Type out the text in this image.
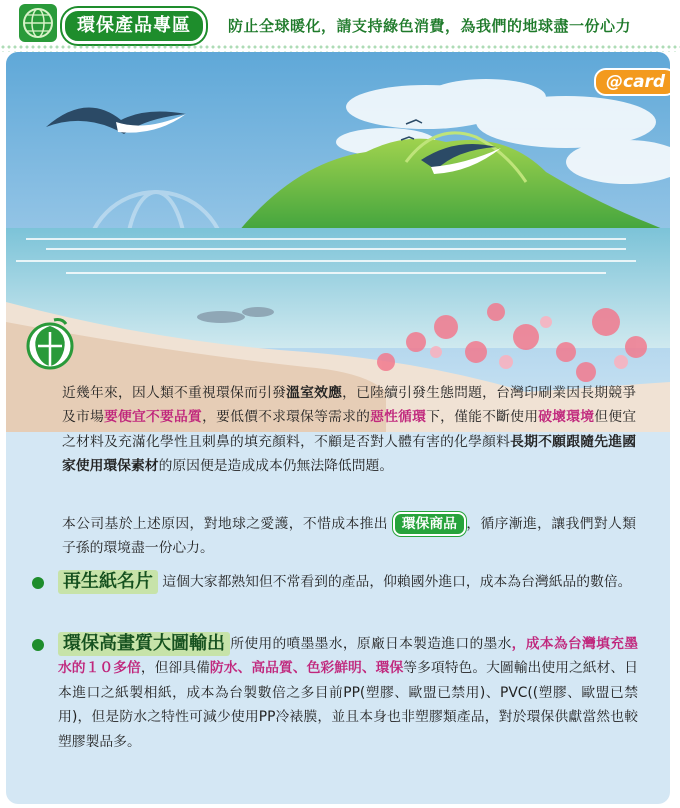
環保產品專區	防止全球暖化，請支持綠色消費，為我們的地球盡一份心力
@card
近幾年來，因人類不重視環保而引發溫室效應，已陸續引發生態問題，台灣印刷業因長期競爭及市場要便宜不要品質，要低價不求環保等需求的惡性循環下，僅能不斷使用破壞環境但便宜之材料及充滿化學性且刺鼻的填充顏料，不顧是否對人體有害的化學顏料長期不願跟隨先進國家使用環保素材的原因便是造成成本仍無法降低問題。
本公司基於上述原因，對地球之愛護，不惜成本推出 環保商品 ，循序漸進，讓我們對人類子孫的環境盡一份心力。
再生紙名片 這個大家都熟知但不常看到的產品，仰賴國外進口，成本為台灣紙品的數倍。
環保高畫質大圖輸出 所使用的噴墨墨水，原廠日本製造進口的墨水，成本為台灣填充墨水的１０多倍，但卻具備防水、高品質、色彩鮮明、環保等多項特色。大圖輸出使用之紙材、日本進口之紙製相紙，成本為台製數倍之多目前PP(塑膠、歐盟已禁用)、PVC((塑膠、歐盟已禁用)，但是防水之特性可減少使用PP冷裱膜，並且本身也非塑膠類產品，對於環保供獻當然也較塑膠製品多。
